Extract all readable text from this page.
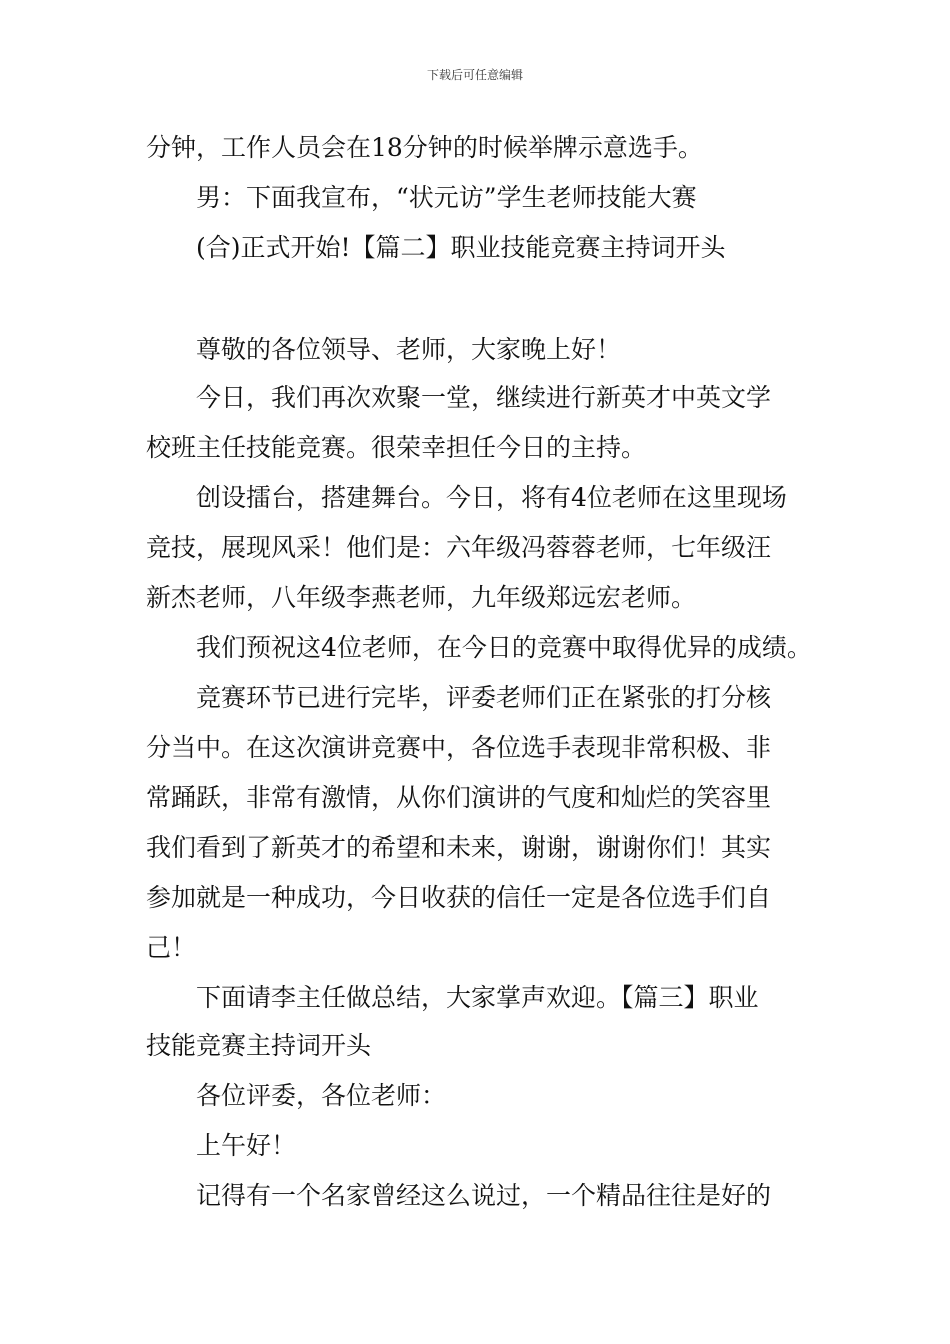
下载后可任意编辑
分钟，工作人员会在18分钟的时候举牌示意选手。
男：下面我宣布，“状元访”学生老师技能大赛
(合)正式开始!【篇二】职业技能竞赛主持词开头
尊敬的各位领导、老师，大家晚上好！
今日，我们再次欢聚一堂，继续进行新英才中英文学
校班主任技能竞赛。很荣幸担任今日的主持。
创设擂台，搭建舞台。今日，将有4位老师在这里现场
竞技，展现风采！他们是：六年级冯蓉蓉老师，七年级汪
新杰老师，八年级李燕老师，九年级郑远宏老师。
我们预祝这4位老师，在今日的竞赛中取得优异的成绩。
竞赛环节已进行完毕，评委老师们正在紧张的打分核
分当中。在这次演讲竞赛中，各位选手表现非常积极、非
常踊跃，非常有激情，从你们演讲的气度和灿烂的笑容里
我们看到了新英才的希望和未来，谢谢，谢谢你们！其实
参加就是一种成功，今日收获的信任一定是各位选手们自
己！
下面请李主任做总结，大家掌声欢迎。【篇三】职业
技能竞赛主持词开头
各位评委，各位老师：
上午好！
记得有一个名家曾经这么说过，一个精品往往是好的
